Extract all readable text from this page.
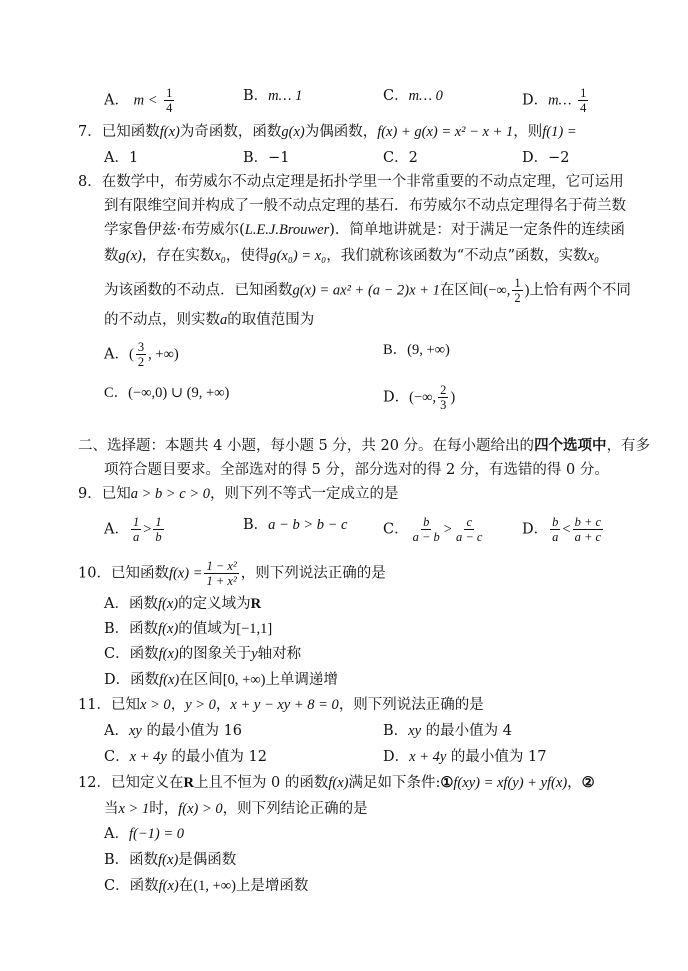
A． $m < \frac{1}{4}$	B．m… 1	C．m… 0	D．m… $\frac{1}{4}$
7．已知函数f(x)为奇函数，函数g(x)为偶函数，f(x) + g(x) = x² − x + 1，则f(1) =
A．1	B．−1	C．2	D．−2
8．在数学中，布劳威尔不动点定理是拓扑学里一个非常重要的不动点定理，它可运用
到有限维空间并构成了一般不动点定理的基石．布劳威尔不动点定理得名于荷兰数
学家鲁伊兹·布劳威尔(L.E.J.Brouwer)．简单地讲就是：对于满足一定条件的连续函
数g(x)，存在实数x₀，使得g(x₀) = x₀，我们就称该函数为“不动点”函数，实数x₀
为该函数的不动点．已知函数g(x) = ax² + (a − 2)x + 1在区间(−∞, $\frac{1}{2}$ )上恰有两个不同
的不动点，则实数a的取值范围为
A．( $\frac{3}{2}$ , +∞)	B．(9, +∞)
C．(−∞,0) ∪ (9, +∞)	D．(−∞, $\frac{2}{3}$ )
二、选择题：本题共 4 小题，每小题 5 分，共 20 分。在每小题给出的四个选项中，有多
项符合题目要求。全部选对的得 5 分，部分选对的得 2 分，有选错的得 0 分。
9．已知a > b > c > 0，则下列不等式一定成立的是
A． $\frac{1}{a} > \frac{1}{b}$	B．a − b > b − c C． $\frac{b}{a - b} > \frac{c}{a - c}$	D． $\frac{b}{a} < \frac{b + c}{a + c}$
10．已知函数$f(x) = \frac{\text{1 − x²}}{\text{1 + x²}}$ ，则下列说法正确的是
A．函数f(x)的定义域为R
B．函数f(x)的值域为[−1,1]
C．函数f(x)的图象关于y轴对称
D．函数f(x)在区间[0, +∞)上单调递增
11．已知x > 0，y > 0，x + y − xy + 8 = 0，则下列说法正确的是
A．xy 的最小值为 16	B．xy 的最小值为 4
C．x + 4y 的最小值为 12	D．x + 4y 的最小值为 17
12．已知定义在R上且不恒为 0 的函数f(x)满足如下条件:①f(xy) = xf(y) + yf(x)，②
当x > 1时，f(x) > 0，则下列结论正确的是
A．f(−1) = 0
B．函数f(x)是偶函数
C．函数f(x)在(1, +∞)上是增函数
